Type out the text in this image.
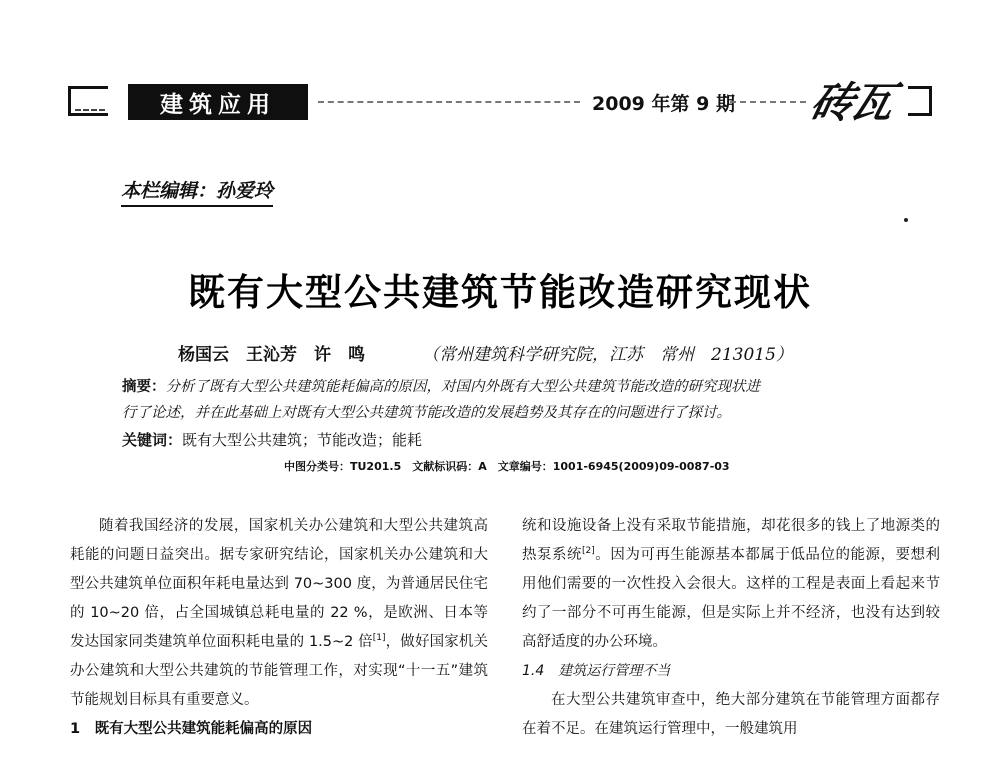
建筑应用	2009 年第 9 期 砖瓦
本栏编辑：孙爱玲
既有大型公共建筑节能改造研究现状
杨国云　王沁芳　许　鸣	（常州建筑科学研究院，江苏　常州　213015）
摘要：分析了既有大型公共建筑能耗偏高的原因，对国内外既有大型公共建筑节能改造的研究现状进
行了论述，并在此基础上对既有大型公共建筑节能改造的发展趋势及其存在的问题进行了探讨。
关键词：既有大型公共建筑；节能改造；能耗
中图分类号：TU201.5　文献标识码：A　文章编号：1001-6945(2009)09-0087-03

随着我国经济的发展，国家机关办公建筑和大型公共建筑高耗能的问题日益突出。据专家研究结论，国家机关办公建筑和大型公共建筑单位面积年耗电量达到 70~300 度，为普通居民住宅的 10~20 倍，占全国城镇总耗电量的 22 %，是欧洲、日本等发达国家同类建筑单位面积耗电量的 1.5~2 倍[1]，做好国家机关办公建筑和大型公共建筑的节能管理工作，对实现“十一五”建筑节能规划目标具有重要意义。

1　既有大型公共建筑能耗偏高的原因

统和设施设备上没有采取节能措施，却花很多的钱上了地源类的热泵系统[2]。因为可再生能源基本都属于低品位的能源，要想利用他们需要的一次性投入会很大。这样的工程是表面上看起来节约了一部分不可再生能源，但是实际上并不经济，也没有达到较高舒适度的办公环境。

1.4　建筑运行管理不当

在大型公共建筑审查中，绝大部分建筑在节能管理方面都存在着不足。在建筑运行管理中，一般建筑用
